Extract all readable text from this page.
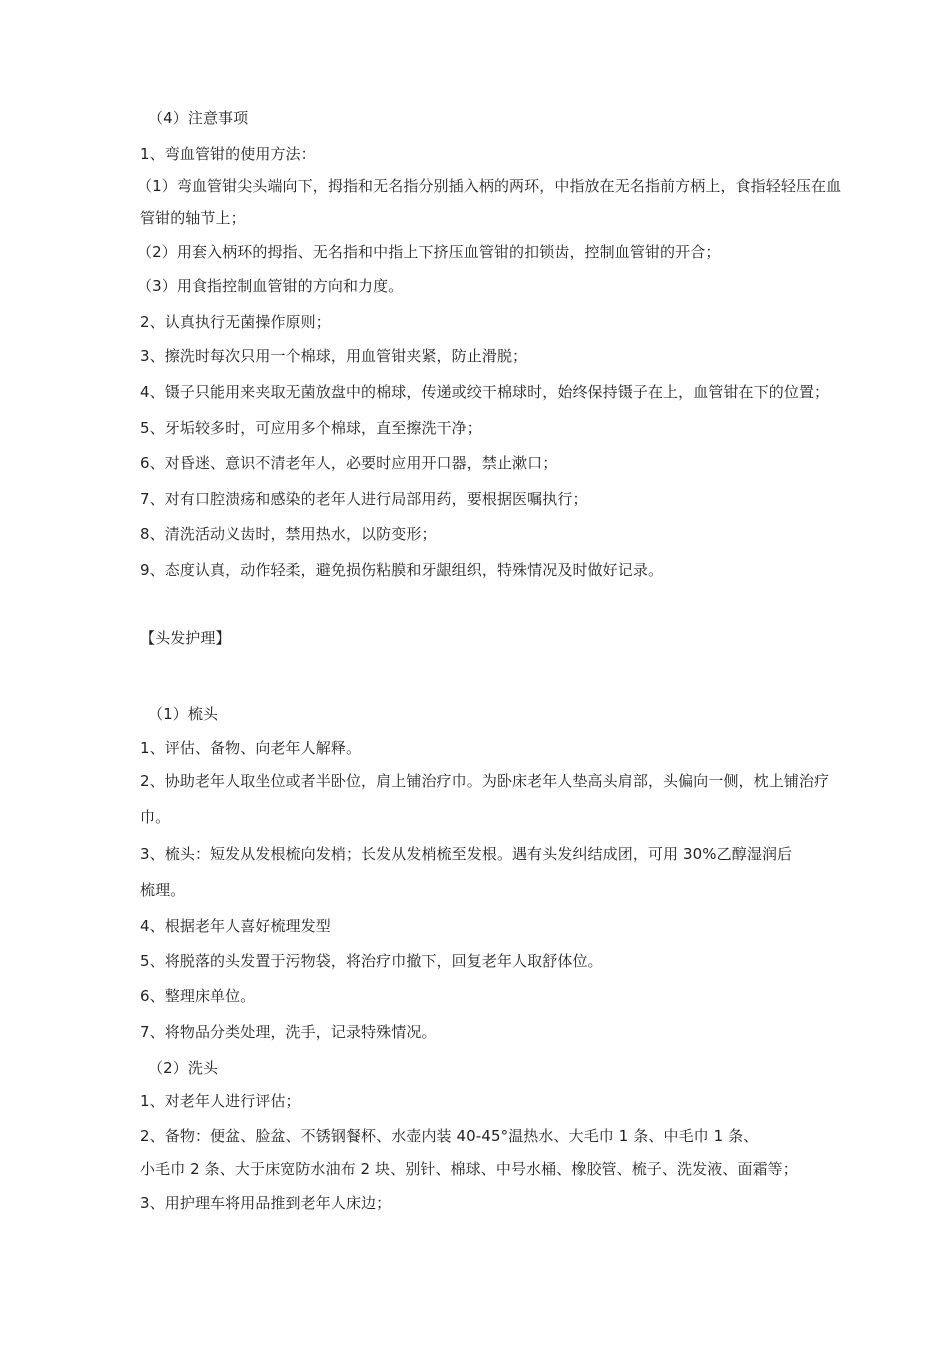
（4）注意事项
1、弯血管钳的使用方法：
（1）弯血管钳尖头端向下，拇指和无名指分别插入柄的两环，中指放在无名指前方柄上，食指轻轻压在血
管钳的轴节上；
（2）用套入柄环的拇指、无名指和中指上下挤压血管钳的扣锁齿，控制血管钳的开合；
（3）用食指控制血管钳的方向和力度。
2、认真执行无菌操作原则；
3、擦洗时每次只用一个棉球，用血管钳夹紧，防止滑脱；
4、镊子只能用来夹取无菌放盘中的棉球，传递或绞干棉球时，始终保持镊子在上，血管钳在下的位置；
5、牙垢较多时，可应用多个棉球，直至擦洗干净；
6、对昏迷、意识不清老年人，必要时应用开口器，禁止漱口；
7、对有口腔溃疡和感染的老年人进行局部用药，要根据医嘱执行；
8、清洗活动义齿时，禁用热水，以防变形；
9、态度认真，动作轻柔，避免损伤粘膜和牙龈组织，特殊情况及时做好记录。
【头发护理】
（1）梳头
1、评估、备物、向老年人解释。
2、协助老年人取坐位或者半卧位，肩上铺治疗巾。为卧床老年人垫高头肩部，头偏向一侧，枕上铺治疗
巾。
3、梳头：短发从发根梳向发梢；长发从发梢梳至发根。遇有头发纠结成团，可用 30%乙醇湿润后
梳理。
4、根据老年人喜好梳理发型
5、将脱落的头发置于污物袋，将治疗巾撤下，回复老年人取舒体位。
6、整理床单位。
7、将物品分类处理，洗手，记录特殊情况。
（2）洗头
1、对老年人进行评估；
2、备物：便盆、脸盆、不锈钢餐杯、水壶内装 40-45°温热水、大毛巾 1 条、中毛巾 1 条、
小毛巾 2 条、大于床宽防水油布 2 块、别针、棉球、中号水桶、橡胶管、梳子、洗发液、面霜等；
3、用护理车将用品推到老年人床边；
